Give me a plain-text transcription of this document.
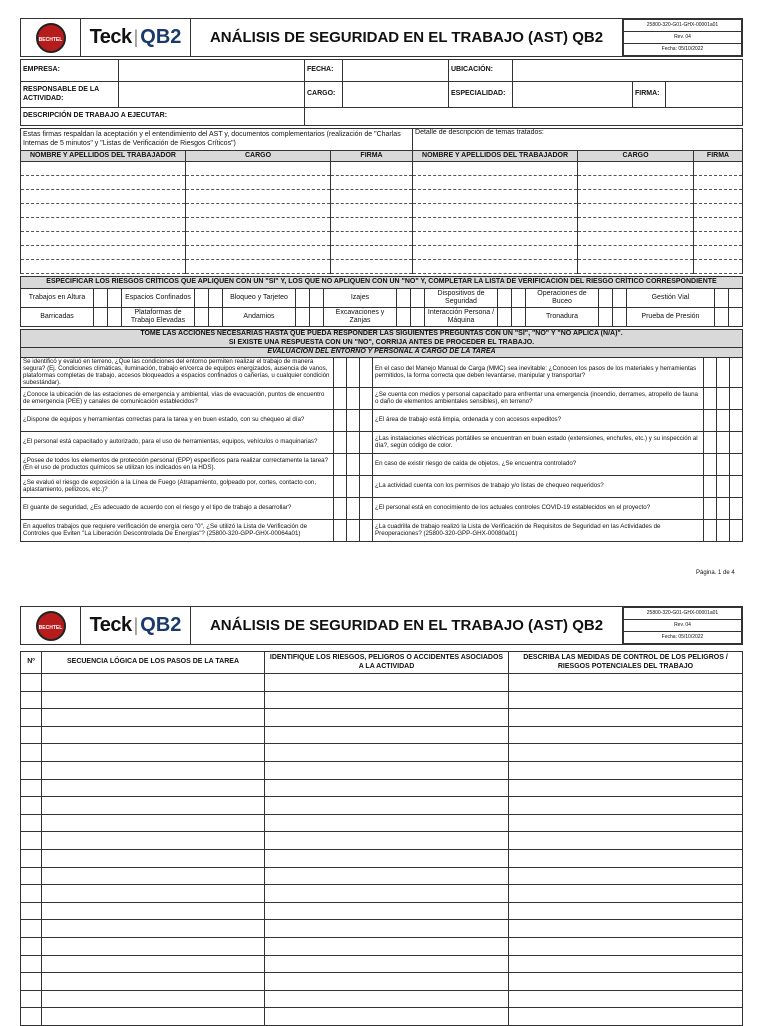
BECHTEL	Teck | QB2	ANÁLISIS DE SEGURIDAD EN EL TRABAJO (AST) QB2	
25800-320-G01-GHX-00001a01
Rev. 04
Fecha: 05/10/2022
EMPRESA:		FECHA:		UBICACIÓN:			
RESPONSABLE DE LA ACTIVIDAD:		CARGO:		ESPECIALIDAD:		FIRMA:	
DESCRIPCIÓN DE TRABAJO A EJECUTAR:							
Estas firmas respaldan la aceptación y el entendimiento del AST y, documentos complementarios (realización de "Charlas Internas de 5 minutos" y "Listas de Verificación de Riesgos Críticos")			Detalle de descripción de temas tratados:		
NOMBRE Y APELLIDOS DEL TRABAJADOR	CARGO	FIRMA	NOMBRE Y APELLIDOS DEL TRABAJADOR	CARGO	FIRMA

ESPECIFICAR LOS RIESGOS CRÍTICOS QUE APLIQUEN CON UN "SI" Y, LOS QUE NO APLIQUEN CON UN "NO" Y, COMPLETAR LA LISTA DE VERIFICACIÓN DEL RIESGO CRÍTICO CORRESPONDIENTE																				
Trabajos en Altura			Espacios Confinados			Bloqueo y Tarjeteo			Izajes			Dispositivos de Seguridad			Operaciones de Buceo			Gestión Vial		
Barricadas			Plataformas de Trabajo Elevadas			Andamios			Excavaciones y Zanjas			Interacción Persona / Máquina			Tronadura			Prueba de Presión		
TOME LAS ACCIONES NECESARIAS HASTA QUE PUEDA RESPONDER LAS SIGUIENTES PREGUNTAS CON UN "SI", "NO" Y "NO APLICA (N/A)".
SI EXISTE UNA RESPUESTA CON UN "NO", CORRIJA ANTES DE PROCEDER EL TRABAJO.							
EVALUACIÓN DEL ENTORNO Y PERSONAL A CARGO DE LA TAREA							
Se identificó y evaluó en terreno, ¿Que las condiciones del entorno permiten realizar el trabajo de manera segura? (Ej. Condiciones climáticas, iluminación, trabajo en/cerca de equipos energizados, ausencia de vanos, plataformas completas de trabajo, accesos bloqueados a espacios confinados o cañerías, u cualquier condición subestándar).				En el caso del Manejo Manual de Carga (MMC) sea inevitable: ¿Conocen los pasos de los materiales y herramientas permitidos, la forma correcta que deben levantarse, manipular y transportar?			
¿Conoce la ubicación de las estaciones de emergencia y ambiental, vías de evacuación, puntos de encuentro de emergencia (PEE) y canales de comunicación establecidos?				¿Se cuenta con medios y personal capacitado para enfrentar una emergencia (incendio, derrames, atropello de fauna o daño de elementos ambientales sensibles), en terreno?			
¿Dispone de equipos y herramientas correctas para la tarea y en buen estado, con su chequeo al día?				¿El área de trabajo está limpia, ordenada y con accesos expeditos?			
¿El personal está capacitado y autorizado, para el uso de herramientas, equipos, vehículos o maquinarias?				¿Las instalaciones eléctricas portátiles se encuentran en buen estado (extensiones, enchufes, etc.) y su inspección al día?, según código de color.			
¿Posee de todos los elementos de protección personal (EPP) específicos para realizar correctamente la tarea? (En el uso de productos químicos se utilizan los indicados en la HDS).				En caso de existir riesgo de caída de objetos, ¿Se encuentra controlado?			
¿Se evaluó el riesgo de exposición a la Línea de Fuego (Atrapamiento, golpeado por, cortes, contacto con, aplastamiento, pellizcos, etc.)?				¿La actividad cuenta con los permisos de trabajo y/o listas de chequeo requeridos?			
El guante de seguridad, ¿Es adecuado de acuerdo con el riesgo y el tipo de trabajo a desarrollar?				¿El personal está en conocimiento de los actuales controles COVID-19 establecidos en el proyecto?			
En aquellos trabajos que requiere verificación de energía cero "0", ¿Se utilizó la Lista de Verificación de Controles que Eviten "La Liberación Descontrolada De Energías"? (25800-320-GPP-GHX-00064a01)				¿La cuadrilla de trabajo realizó la Lista de Verificación de Requisitos de Seguridad en las Actividades de Preoperaciones? (25800-320-GPP-GHX-00080a01)			
Página. 1 de 4
BECHTEL	Teck | QB2	ANÁLISIS DE SEGURIDAD EN EL TRABAJO (AST) QB2	
25800-320-G01-GHX-00001a01
Rev. 04
Fecha: 05/10/2022
Nº	SECUENCIA LÓGICA DE LOS PASOS DE LA TAREA	IDENTIFIQUE LOS RIESGOS, PELIGROS O ACCIDENTES ASOCIADOS A LA ACTIVIDAD	DESCRIBA LAS MEDIDAS DE CONTROL DE LOS PELIGROS / RIESGOS POTENCIALES DEL TRABAJO
